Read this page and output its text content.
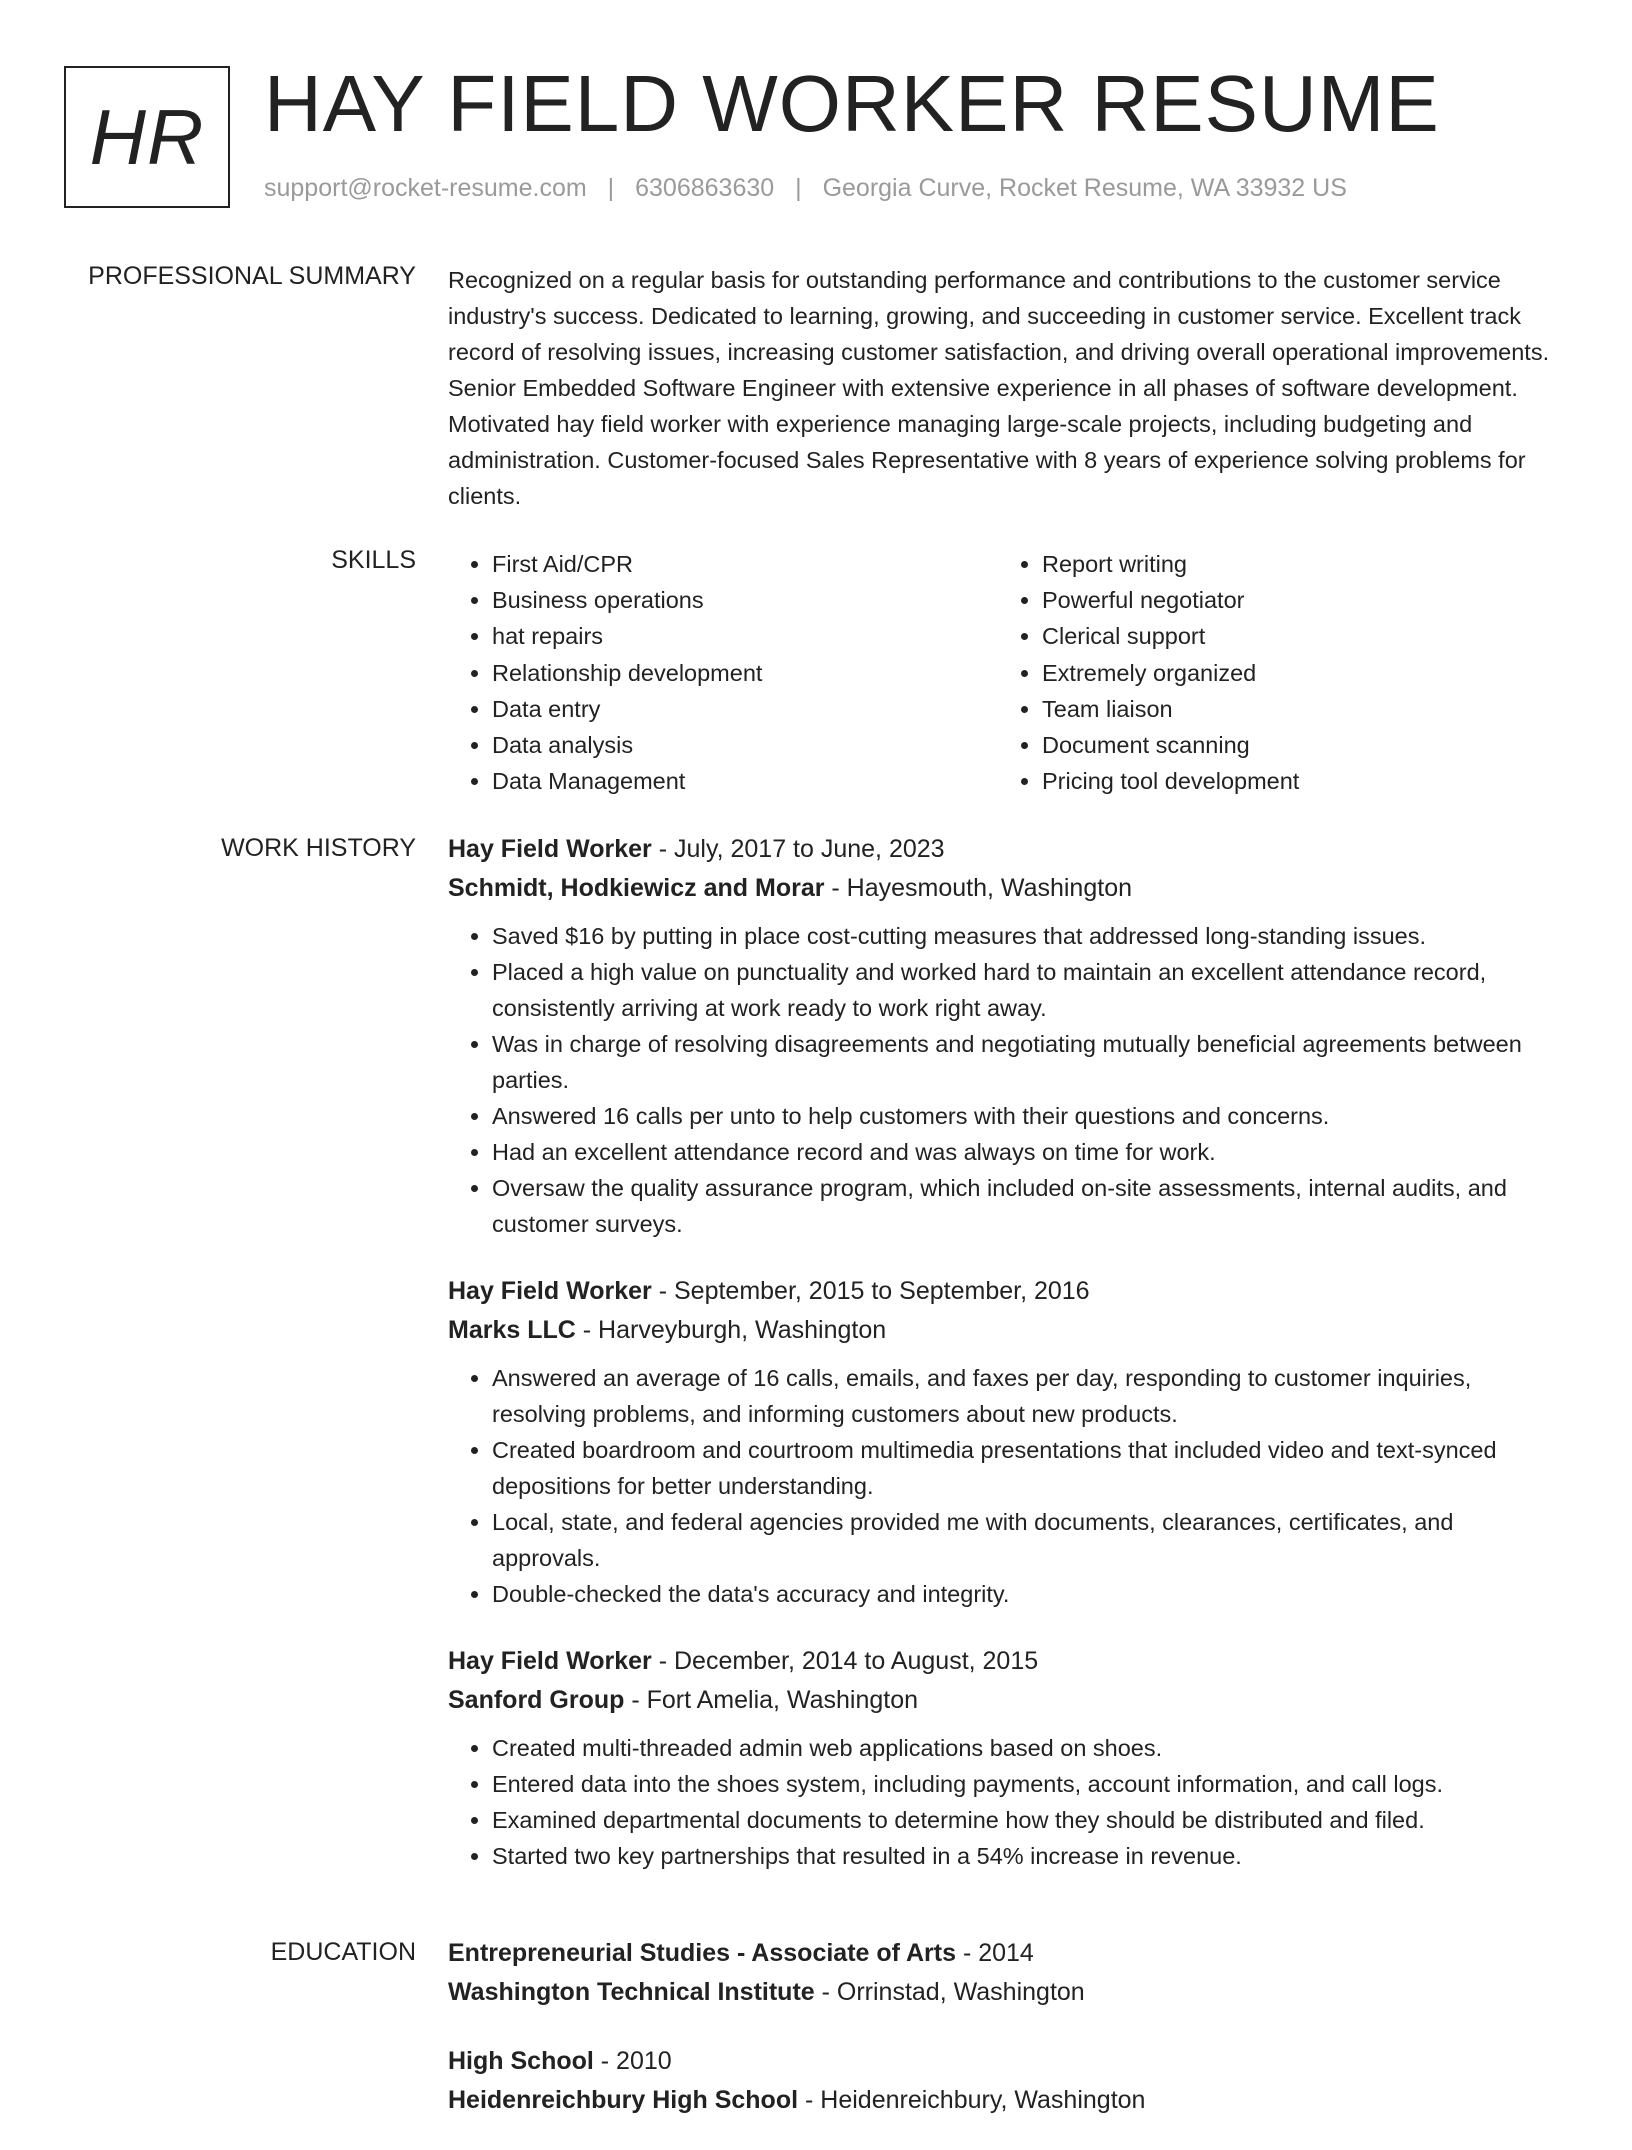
HR HAY FIELD WORKER RESUME
support@rocket-resume.com | 6306863630 | Georgia Curve, Rocket Resume, WA 33932 US
PROFESSIONAL SUMMARY Recognized on a regular basis for outstanding performance and contributions to the customer service industry's success. Dedicated to learning, growing, and succeeding in customer service. Excellent track record of resolving issues, increasing customer satisfaction, and driving overall operational improvements. Senior Embedded Software Engineer with extensive experience in all phases of software development. Motivated hay field worker with experience managing large-scale projects, including budgeting and administration. Customer-focused Sales Representative with 8 years of experience solving problems for clients.

SKILLS
•	First Aid/CPR
• Business operations
• hat repairs
• Relationship development
• Data entry
• Data analysis
• Data Management
• Report writing
• Powerful negotiator
• Clerical support
• Extremely organized
• Team liaison
• Document scanning
• Pricing tool development
WORK HISTORY Hay Field Worker - July, 2017 to June, 2023
Schmidt, Hodkiewicz and Morar - Hayesmouth, Washington
• Saved $16 by putting in place cost-cutting measures that addressed long-standing issues.
• Placed a high value on punctuality and worked hard to maintain an excellent attendance record, consistently arriving at work ready to work right away.
• Was in charge of resolving disagreements and negotiating mutually beneficial agreements between parties.
• Answered 16 calls per unto to help customers with their questions and concerns.
• Had an excellent attendance record and was always on time for work.
• Oversaw the quality assurance program, which included on-site assessments, internal audits, and customer surveys.
Hay Field Worker - September, 2015 to September, 2016
Marks LLC - Harveyburgh, Washington
• Answered an average of 16 calls, emails, and faxes per day, responding to customer inquiries, resolving problems, and informing customers about new products.
• Created boardroom and courtroom multimedia presentations that included video and text-synced depositions for better understanding.
• Local, state, and federal agencies provided me with documents, clearances, certificates, and approvals.
• Double-checked the data's accuracy and integrity.
Hay Field Worker - December, 2014 to August, 2015
Sanford Group - Fort Amelia, Washington
• Created multi-threaded admin web applications based on shoes.
• Entered data into the shoes system, including payments, account information, and call logs.
• Examined departmental documents to determine how they should be distributed and filed.
• Started two key partnerships that resulted in a 54% increase in revenue.
EDUCATION Entrepreneurial Studies - Associate of Arts - 2014
Washington Technical Institute - Orrinstad, Washington
High School - 2010
Heidenreichbury High School - Heidenreichbury, Washington
